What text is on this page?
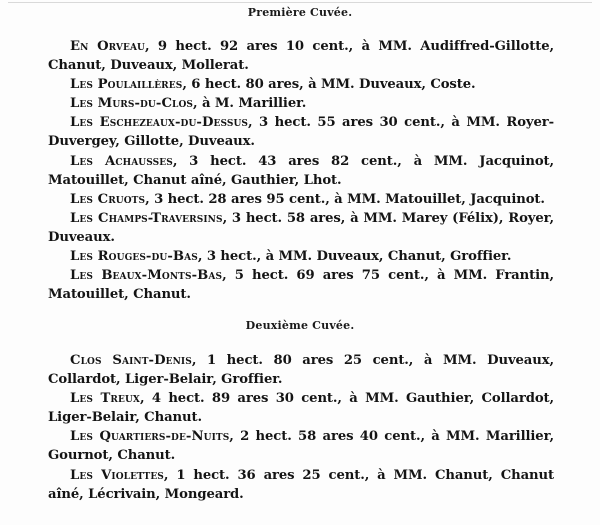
Première Cuvée.

En Orveau, 9 hect. 92 ares 10 cent., à MM. Audiffred-Gillotte, Chanut, Duveaux, Mollerat.

Les Poulaillères, 6 hect. 80 ares, à MM. Duveaux, Coste.

Les Murs-du-Clos, à M. Marillier.

Les Eschezeaux-du-Dessus, 3 hect. 55 ares 30 cent., à MM. Royer-Duvergey, Gillotte, Duveaux.

Les Achausses, 3 hect. 43 ares 82 cent., à MM. Jacquinot, Matouillet, Chanut aîné, Gauthier, Lhot.

Les Cruots, 3 hect. 28 ares 95 cent., à MM. Matouillet, Jacquinot.

Les Champs-Traversins, 3 hect. 58 ares, à MM. Marey (Félix), Royer, Duveaux.

Les Rouges-du-Bas, 3 hect., à MM. Duveaux, Chanut, Groffier.

Les Beaux-Monts-Bas, 5 hect. 69 ares 75 cent., à MM. Frantin, Matouillet, Chanut.

Deuxième Cuvée.

Clos Saint-Denis, 1 hect. 80 ares 25 cent., à MM. Duveaux, Collardot, Liger-Belair, Groffier.

Les Treux, 4 hect. 89 ares 30 cent., à MM. Gauthier, Collardot, Liger-Belair, Chanut.

Les Quartiers-de-Nuits, 2 hect. 58 ares 40 cent., à MM. Marillier, Gournot, Chanut.

Les Violettes, 1 hect. 36 ares 25 cent., à MM. Chanut, Chanut aîné, Lécrivain, Mongeard.
